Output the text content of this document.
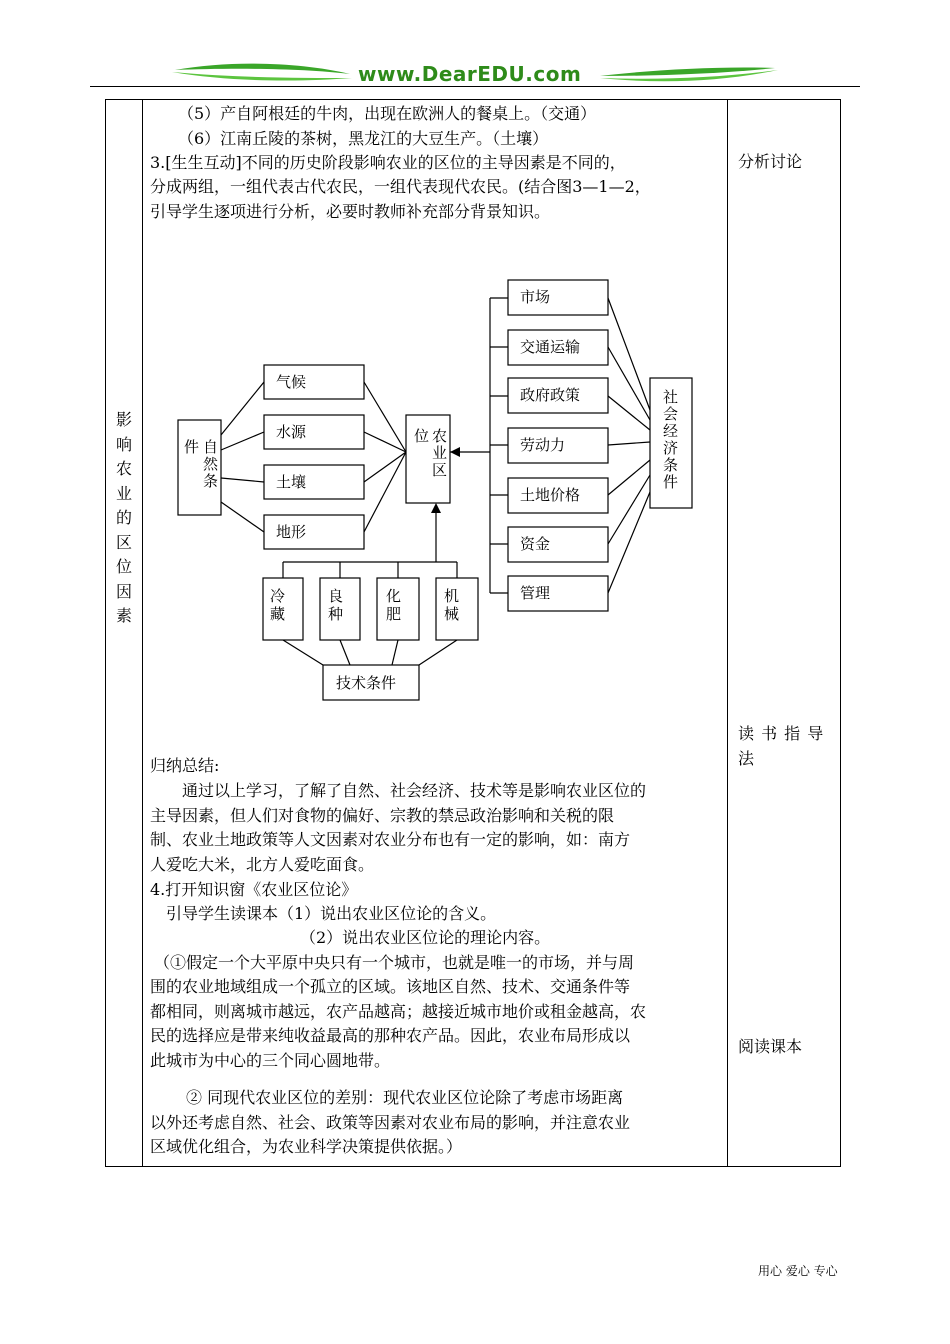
www.DearEDU.com

影
响
农
业
的
区
位
因
素
（5）产自阿根廷的牛肉，出现在欧洲人的餐桌上。（交通）
（6）江南丘陵的茶树，黑龙江的大豆生产。（土壤）
3.[生生互动]不同的历史阶段影响农业的区位的主导因素是不同的，
分成两组，一组代表古代农民，一组代表现代农民。(结合图3—1—2，
引导学生逐项进行分析，必要时教师补充部分背景知识。
件 自
然
条
气候
水源
土壤
地形
位 农
业
区
市场
交通运输
政府政策
劳动力
土地价格
资金
管理
社
会
经
济
条
件
冷
藏
良
种
化
肥
机
械
技术条件
归纳总结:
通过以上学习，了解了自然、社会经济、技术等是影响农业区位的
主导因素，但人们对食物的偏好、宗教的禁忌政治影响和关税的限
制、农业土地政策等人文因素对农业分布也有一定的影响，如：南方
人爱吃大米，北方人爱吃面食。
4.打开知识窗《农业区位论》
引导学生读课本（1）说出农业区位论的含义。
（2）说出农业区位论的理论内容。
（①假定一个大平原中央只有一个城市，也就是唯一的市场，并与周
围的农业地域组成一个孤立的区域。该地区自然、技术、交通条件等
都相同，则离城市越远，农产品越高；越接近城市地价或租金越高，农
民的选择应是带来纯收益最高的那种农产品。因此，农业布局形成以
此城市为中心的三个同心圆地带。
② 同现代农业区位的差别：现代农业区位论除了考虑市场距离
以外还考虑自然、社会、政策等因素对农业布局的影响，并注意农业
区域优化组合，为农业科学决策提供依据。）
分析讨论
读 书 指 导
法
阅读课本
用心 爱心 专心
